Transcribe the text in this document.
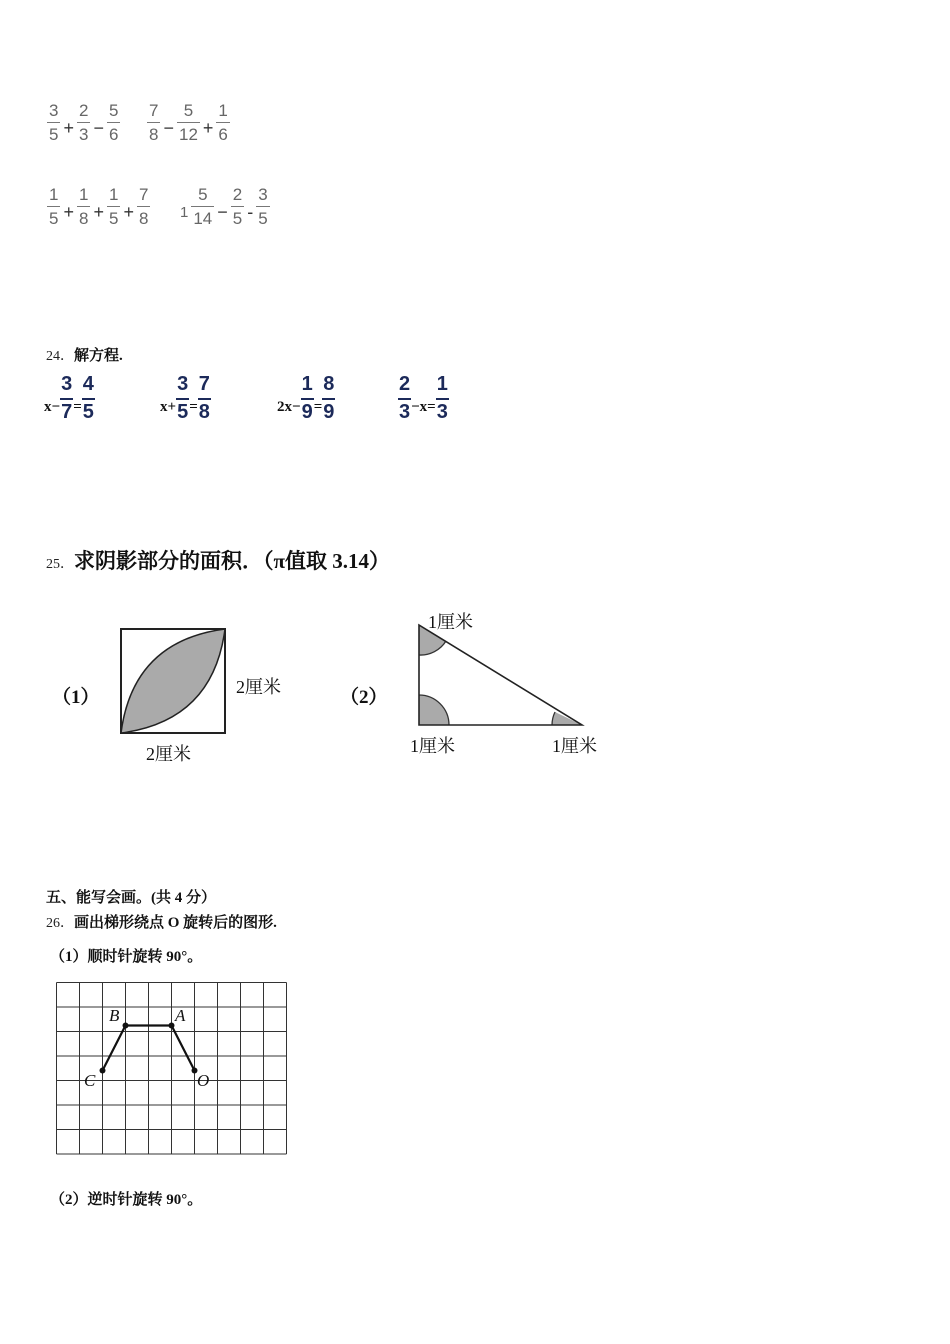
$\frac{3}{5} + \frac{2}{3} - \frac{5}{6} \frac{7}{8} - \frac{5}{12} + \frac{1}{6}$
$\frac{1}{5} + \frac{1}{8} + \frac{1}{5} + \frac{7}{8} 1 \frac{5}{14} - \frac{2}{5} - \frac{3}{5}$
24．解方程.
$x- \frac{3}{7} = \frac{4}{5}$	$x+ \frac{3}{5} = \frac{7}{8}$	$2x- \frac{1}{9} = \frac{8}{9}$	$\frac{2}{3} -x= \frac{1}{3}$
25．求阴影部分的面积．（π值取 3.14）
（1）	2厘米
2厘米
（2）
1厘米
1厘米	1厘米
五、能写会画。(共 4 分）
26．画出梯形绕点 O 旋转后的图形.
（1）顺时针旋转 90°。
B	A
C	O
（2）逆时针旋转 90°。
